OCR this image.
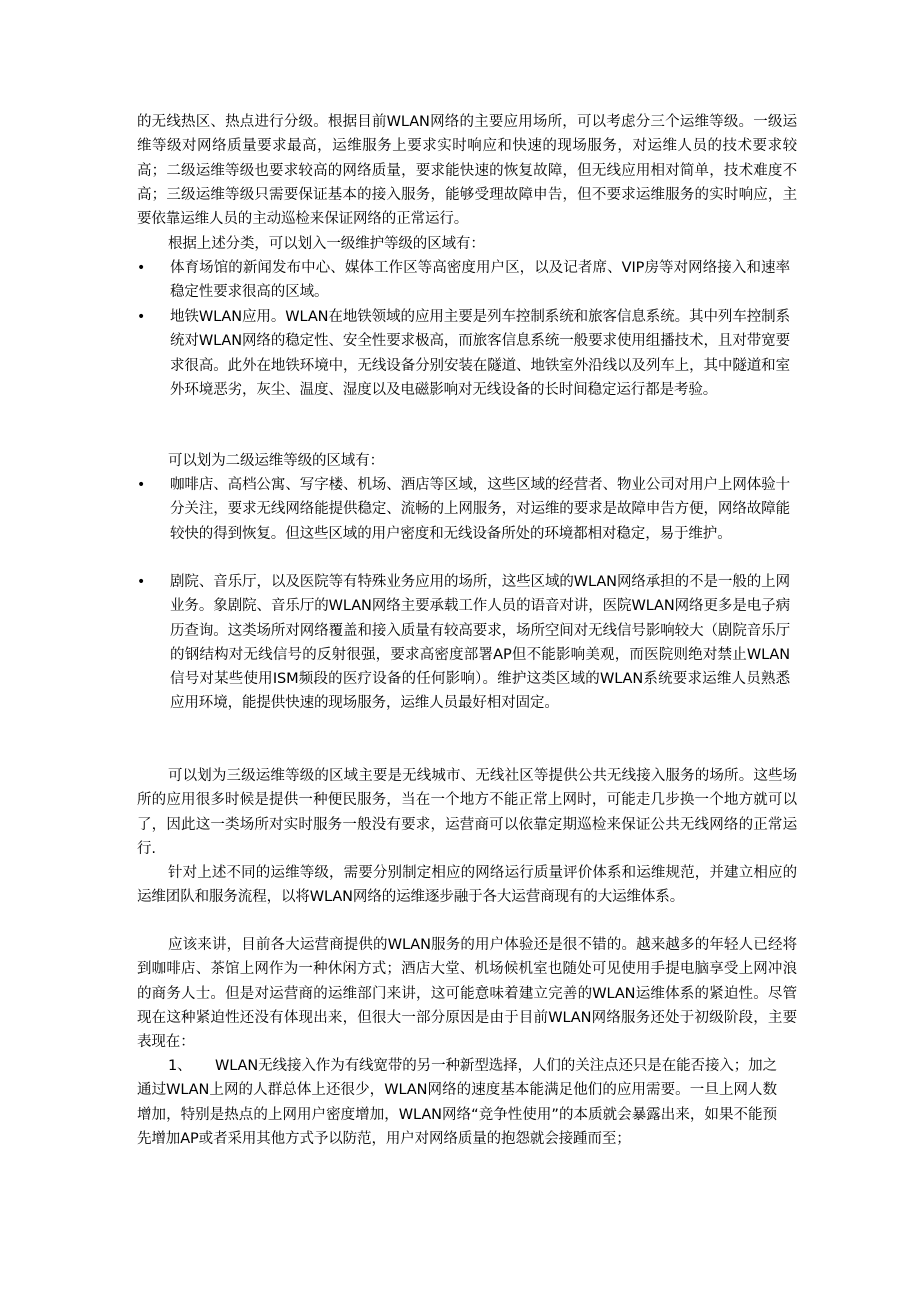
的无线热区、热点进行分级。根据目前WLAN网络的主要应用场所，可以考虑分三个运维等级。一级运维等级对网络质量要求最高，运维服务上要求实时响应和快速的现场服务，对运维人员的技术要求较高；二级运维等级也要求较高的网络质量，要求能快速的恢复故障，但无线应用相对简单，技术难度不高；三级运维等级只需要保证基本的接入服务，能够受理故障申告，但不要求运维服务的实时响应，主要依靠运维人员的主动巡检来保证网络的正常运行。

根据上述分类，可以划入一级维护等级的区域有：

• 体育场馆的新闻发布中心、媒体工作区等高密度用户区，以及记者席、VIP房等对网络接入和速率稳定性要求很高的区域。
• 地铁WLAN应用。WLAN在地铁领域的应用主要是列车控制系统和旅客信息系统。其中列车控制系统对WLAN网络的稳定性、安全性要求极高，而旅客信息系统一般要求使用组播技术，且对带宽要求很高。此外在地铁环境中，无线设备分别安装在隧道、地铁室外沿线以及列车上，其中隧道和室外环境恶劣，灰尘、温度、湿度以及电磁影响对无线设备的长时间稳定运行都是考验。

可以划为二级运维等级的区域有：

• 咖啡店、高档公寓、写字楼、机场、酒店等区域，这些区域的经营者、物业公司对用户上网体验十分关注，要求无线网络能提供稳定、流畅的上网服务，对运维的要求是故障申告方便，网络故障能较快的得到恢复。但这些区域的用户密度和无线设备所处的环境都相对稳定，易于维护。
• 剧院、音乐厅，以及医院等有特殊业务应用的场所，这些区域的WLAN网络承担的不是一般的上网业务。象剧院、音乐厅的WLAN网络主要承载工作人员的语音对讲，医院WLAN网络更多是电子病历查询。这类场所对网络覆盖和接入质量有较高要求，场所空间对无线信号影响较大（剧院音乐厅的钢结构对无线信号的反射很强，要求高密度部署AP但不能影响美观，而医院则绝对禁止WLAN信号对某些使用ISM频段的医疗设备的任何影响）。维护这类区域的WLAN系统要求运维人员熟悉应用环境，能提供快速的现场服务，运维人员最好相对固定。

可以划为三级运维等级的区域主要是无线城市、无线社区等提供公共无线接入服务的场所。这些场所的应用很多时候是提供一种便民服务，当在一个地方不能正常上网时，可能走几步换一个地方就可以了，因此这一类场所对实时服务一般没有要求，运营商可以依靠定期巡检来保证公共无线网络的正常运行.

针对上述不同的运维等级，需要分别制定相应的网络运行质量评价体系和运维规范，并建立相应的运维团队和服务流程，以将WLAN网络的运维逐步融于各大运营商现有的大运维体系。

应该来讲，目前各大运营商提供的WLAN服务的用户体验还是很不错的。越来越多的年轻人已经将到咖啡店、茶馆上网作为一种休闲方式；酒店大堂、机场候机室也随处可见使用手提电脑享受上网冲浪的商务人士。但是对运营商的运维部门来讲，这可能意味着建立完善的WLAN运维体系的紧迫性。尽管现在这种紧迫性还没有体现出来，但很大一部分原因是由于目前WLAN网络服务还处于初级阶段，主要表现在：

1、 WLAN无线接入作为有线宽带的另一种新型选择，人们的关注点还只是在能否接入；加之通过WLAN上网的人群总体上还很少，WLAN网络的速度基本能满足他们的应用需要。一旦上网人数增加，特别是热点的上网用户密度增加，WLAN网络“竞争性使用”的本质就会暴露出来，如果不能预先增加AP或者采用其他方式予以防范，用户对网络质量的抱怨就会接踵而至；
